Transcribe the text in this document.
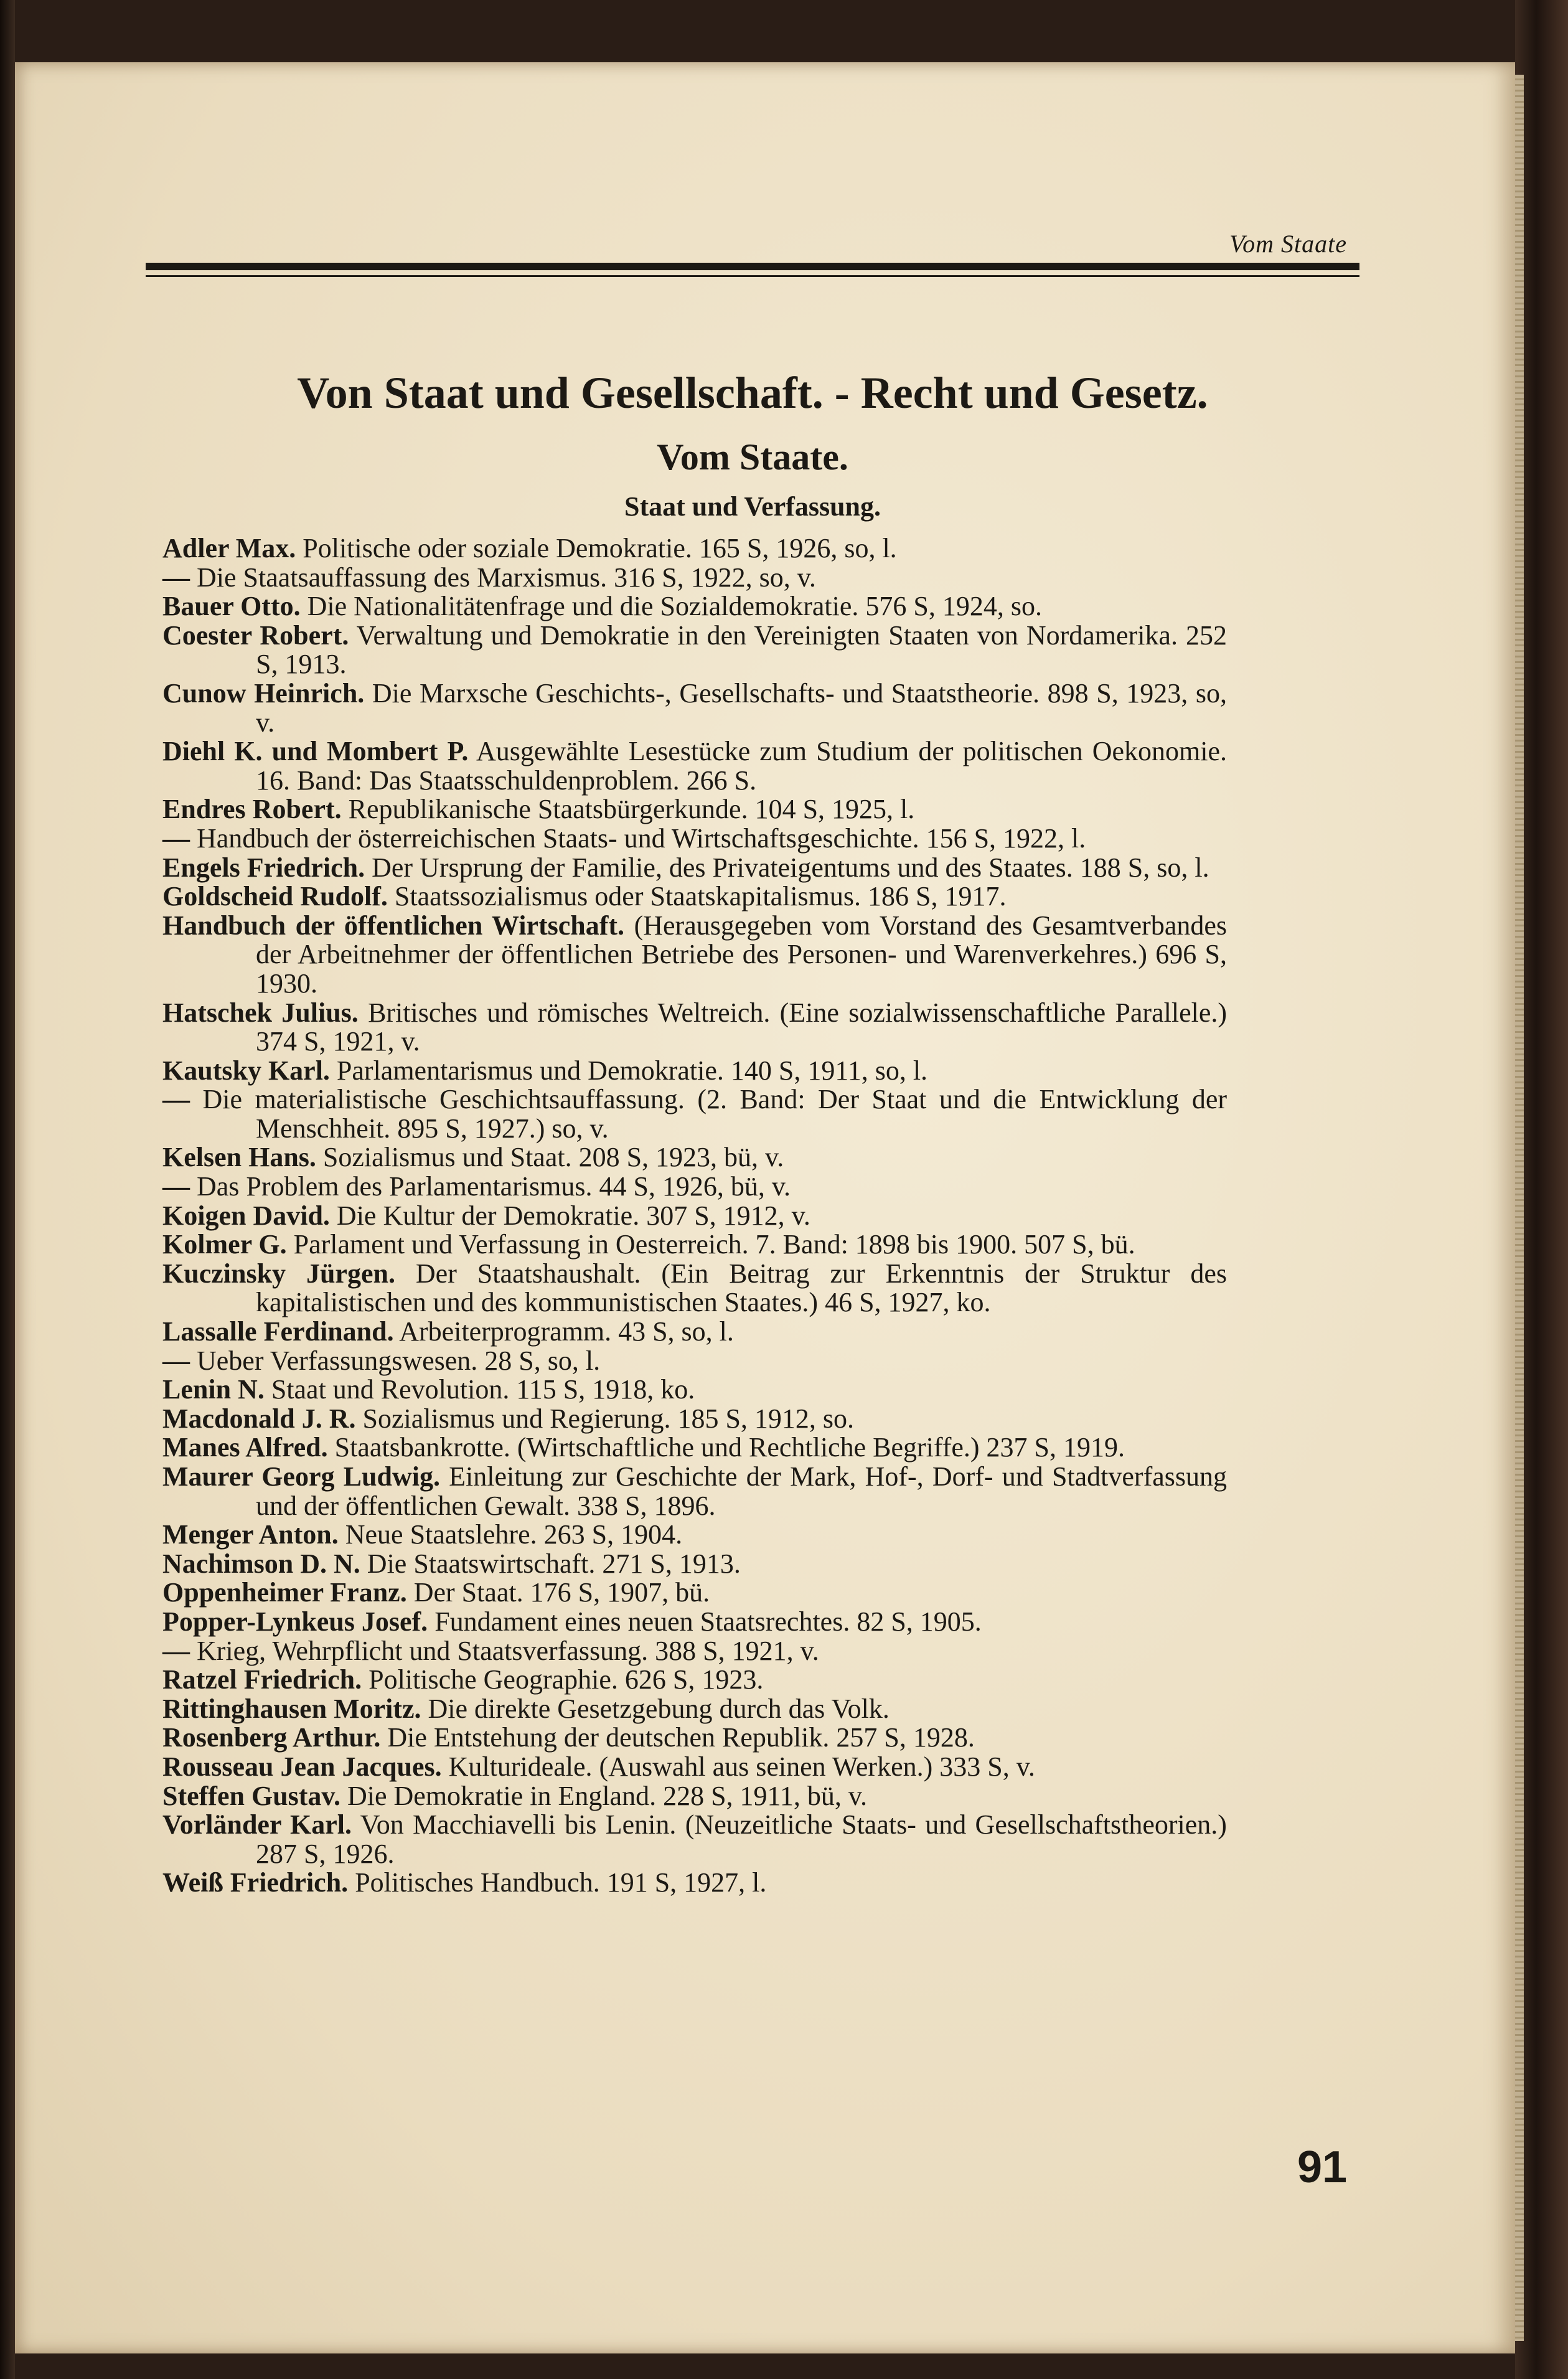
Vom Staate
Von Staat und Gesellschaft. - Recht und Gesetz.
Vom Staate.
Staat und Verfassung.

Adler Max. Politische oder soziale Demokratie. 165 S, 1926, so, l.

— Die Staatsauffassung des Marxismus. 316 S, 1922, so, v.

Bauer Otto. Die Nationalitätenfrage und die Sozialdemokratie. 576 S, 1924, so.

Coester Robert. Verwaltung und Demokratie in den Vereinigten Staaten von Nordamerika. 252 S, 1913.

Cunow Heinrich. Die Marxsche Geschichts-, Gesellschafts- und Staatstheorie. 898 S, 1923, so, v.

Diehl K. und Mombert P. Ausgewählte Lesestücke zum Studium der politischen Oekonomie. 16. Band: Das Staatsschuldenproblem. 266 S.

Endres Robert. Republikanische Staatsbürgerkunde. 104 S, 1925, l.

— Handbuch der österreichischen Staats- und Wirtschaftsgeschichte. 156 S, 1922, l.

Engels Friedrich. Der Ursprung der Familie, des Privateigentums und des Staates. 188 S, so, l.

Goldscheid Rudolf. Staatssozialismus oder Staatskapitalismus. 186 S, 1917.

Handbuch der öffentlichen Wirtschaft. (Herausgegeben vom Vorstand des Gesamtverbandes der Arbeitnehmer der öffentlichen Betriebe des Personen- und Warenverkehres.) 696 S, 1930.

Hatschek Julius. Britisches und römisches Weltreich. (Eine sozialwissenschaftliche Parallele.) 374 S, 1921, v.

Kautsky Karl. Parlamentarismus und Demokratie. 140 S, 1911, so, l.

— Die materialistische Geschichtsauffassung. (2. Band: Der Staat und die Entwicklung der Menschheit. 895 S, 1927.) so, v.

Kelsen Hans. Sozialismus und Staat. 208 S, 1923, bü, v.

— Das Problem des Parlamentarismus. 44 S, 1926, bü, v.

Koigen David. Die Kultur der Demokratie. 307 S, 1912, v.

Kolmer G. Parlament und Verfassung in Oesterreich. 7. Band: 1898 bis 1900. 507 S, bü.

Kuczinsky Jürgen. Der Staatshaushalt. (Ein Beitrag zur Erkenntnis der Struktur des kapitalistischen und des kommunistischen Staates.) 46 S, 1927, ko.

Lassalle Ferdinand. Arbeiterprogramm. 43 S, so, l.

— Ueber Verfassungswesen. 28 S, so, l.

Lenin N. Staat und Revolution. 115 S, 1918, ko.

Macdonald J. R. Sozialismus und Regierung. 185 S, 1912, so.

Manes Alfred. Staatsbankrotte. (Wirtschaftliche und Rechtliche Begriffe.) 237 S, 1919.

Maurer Georg Ludwig. Einleitung zur Geschichte der Mark, Hof-, Dorf- und Stadtverfassung und der öffentlichen Gewalt. 338 S, 1896.

Menger Anton. Neue Staatslehre. 263 S, 1904.

Nachimson D. N. Die Staatswirtschaft. 271 S, 1913.

Oppenheimer Franz. Der Staat. 176 S, 1907, bü.

Popper-Lynkeus Josef. Fundament eines neuen Staatsrechtes. 82 S, 1905.

— Krieg, Wehrpflicht und Staatsverfassung. 388 S, 1921, v.

Ratzel Friedrich. Politische Geographie. 626 S, 1923.

Rittinghausen Moritz. Die direkte Gesetzgebung durch das Volk.

Rosenberg Arthur. Die Entstehung der deutschen Republik. 257 S, 1928.

Rousseau Jean Jacques. Kulturideale. (Auswahl aus seinen Werken.) 333 S, v.

Steffen Gustav. Die Demokratie in England. 228 S, 1911, bü, v.

Vorländer Karl. Von Macchiavelli bis Lenin. (Neuzeitliche Staats- und Gesellschaftstheorien.) 287 S, 1926.

Weiß Friedrich. Politisches Handbuch. 191 S, 1927, l.

91
